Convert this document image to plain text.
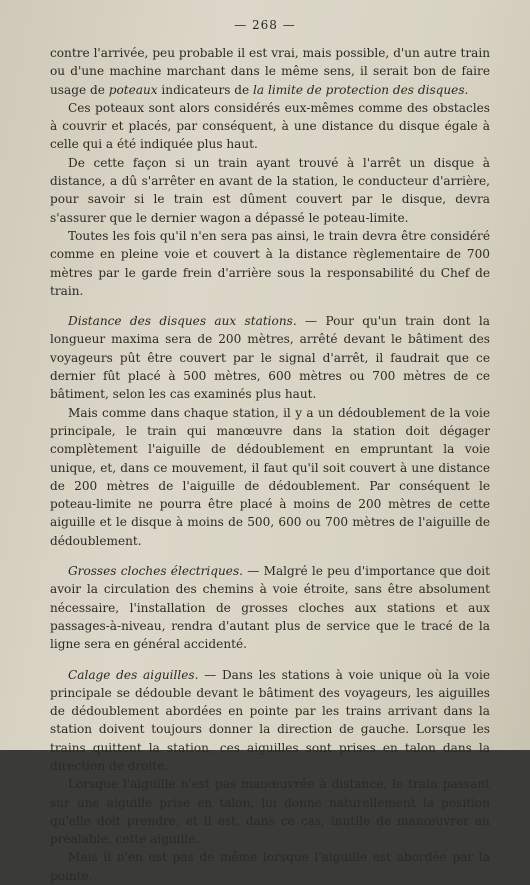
— 268 —

contre l'arrivée, peu probable il est vrai, mais possible, d'un autre train ou d'une machine marchant dans le même sens, il serait bon de faire usage de poteaux indicateurs de la limite de protection des disques.

Ces poteaux sont alors considérés eux-mêmes comme des obstacles à couvrir et placés, par conséquent, à une distance du disque égale à celle qui a été indiquée plus haut.

De cette façon si un train ayant trouvé à l'arrêt un disque à distance, a dû s'arrêter en avant de la station, le conducteur d'arrière, pour savoir si le train est dûment couvert par le disque, devra s'assurer que le dernier wagon a dépassé le poteau-limite.

Toutes les fois qu'il n'en sera pas ainsi, le train devra être considéré comme en pleine voie et couvert à la distance règlementaire de 700 mètres par le garde frein d'arrière sous la responsabilité du Chef de train.

Distance des disques aux stations. — Pour qu'un train dont la longueur maxima sera de 200 mètres, arrêté devant le bâtiment des voyageurs pût être couvert par le signal d'arrêt, il faudrait que ce dernier fût placé à 500 mètres, 600 mètres ou 700 mètres de ce bâtiment, selon les cas examinés plus haut.

Mais comme dans chaque station, il y a un dédoublement de la voie principale, le train qui manœuvre dans la station doit dégager complètement l'aiguille de dédoublement en empruntant la voie unique, et, dans ce mouvement, il faut qu'il soit couvert à une distance de 200 mètres de l'aiguille de dédoublement. Par conséquent le poteau-limite ne pourra être placé à moins de 200 mètres de cette aiguille et le disque à moins de 500, 600 ou 700 mètres de l'aiguille de dédoublement.

Grosses cloches électriques. — Malgré le peu d'importance que doit avoir la circulation des chemins à voie étroite, sans être absolument nécessaire, l'installation de grosses cloches aux stations et aux passages-à-niveau, rendra d'autant plus de service que le tracé de la ligne sera en général accidenté.

Calage des aiguilles. — Dans les stations à voie unique où la voie principale se dédouble devant le bâtiment des voyageurs, les aiguilles de dédoublement abordées en pointe par les trains arrivant dans la station doivent toujours donner la direction de gauche. Lorsque les trains quittent la station, ces aiguilles sont prises en talon dans la direction de droite.

Lorsque l'aiguille n'est pas manœuvrée à distance, le train passant sur une aiguille prise en talon, lui donne naturellement la position qu'elle doit prendre, et il est, dans ce cas, inutile de manœuvrer au préalable, cette aiguille.

Mais il n'en est pas de même lorsque l'aiguille est abordée par la pointe.
